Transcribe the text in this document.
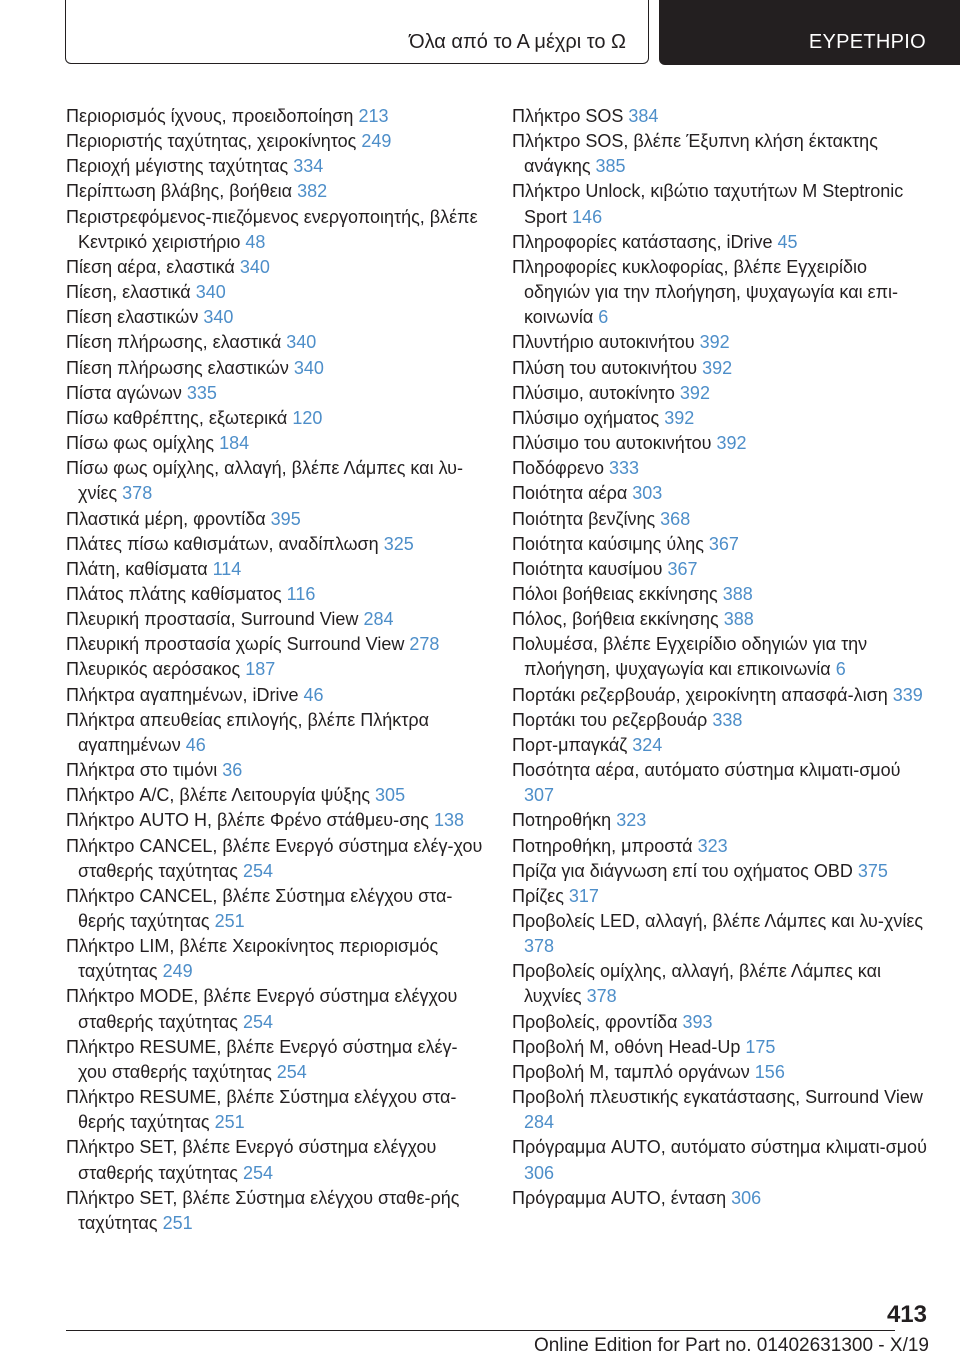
Όλα από το Α μέχρι το Ω	ΕΥΡΕΤΗΡΙΟ
Περιορισμός ίχνους, προειδοποίηση 213
Περιοριστής ταχύτητας, χειροκίνητος 249
Περιοχή μέγιστης ταχύτητας 334
Περίπτωση βλάβης, βοήθεια 382
Περιστρεφόμενος-πιεζόμενος ενεργοποιητής, βλέπε Κεντρικό χειριστήριο 48
Πίεση αέρα, ελαστικά 340
Πίεση, ελαστικά 340
Πίεση ελαστικών 340
Πίεση πλήρωσης, ελαστικά 340
Πίεση πλήρωσης ελαστικών 340
Πίστα αγώνων 335
Πίσω καθρέπτης, εξωτερικά 120
Πίσω φως ομίχλης 184
Πίσω φως ομίχλης, αλλαγή, βλέπε Λάμπες και λυ-χνίες 378
Πλαστικά μέρη, φροντίδα 395
Πλάτες πίσω καθισμάτων, αναδίπλωση 325
Πλάτη, καθίσματα 114
Πλάτος πλάτης καθίσματος 116
Πλευρική προστασία, Surround View 284
Πλευρική προστασία χωρίς Surround View 278
Πλευρικός αερόσακος 187
Πλήκτρα αγαπημένων, iDrive 46
Πλήκτρα απευθείας επιλογής, βλέπε Πλήκτρα αγαπημένων 46
Πλήκτρα στο τιμόνι 36
Πλήκτρο A/C, βλέπε Λειτουργία ψύξης 305
Πλήκτρο AUTO H, βλέπε Φρένο στάθμευ-σης 138
Πλήκτρο CANCEL, βλέπε Ενεργό σύστημα ελέγ-χου σταθερής ταχύτητας 254
Πλήκτρο CANCEL, βλέπε Σύστημα ελέγχου στα-θερής ταχύτητας 251
Πλήκτρο LIM, βλέπε Χειροκίνητος περιορισμός ταχύτητας 249
Πλήκτρο MODE, βλέπε Ενεργό σύστημα ελέγχου σταθερής ταχύτητας 254
Πλήκτρο RESUME, βλέπε Ενεργό σύστημα ελέγ-χου σταθερής ταχύτητας 254
Πλήκτρο RESUME, βλέπε Σύστημα ελέγχου στα-θερής ταχύτητας 251
Πλήκτρο SET, βλέπε Ενεργό σύστημα ελέγχου σταθερής ταχύτητας 254
Πλήκτρο SET, βλέπε Σύστημα ελέγχου σταθε-ρής ταχύτητας 251
Πλήκτρο SOS 384
Πλήκτρο SOS, βλέπε Έξυπνη κλήση έκτακτης ανάγκης 385
Πλήκτρο Unlock, κιβώτιο ταχυτήτων M Steptronic Sport 146
Πληροφορίες κατάστασης, iDrive 45
Πληροφορίες κυκλοφορίας, βλέπε Εγχειρίδιο οδηγιών για την πλοήγηση, ψυχαγωγία και επι-κοινωνία 6
Πλυντήριο αυτοκινήτου 392
Πλύση του αυτοκινήτου 392
Πλύσιμο, αυτοκίνητο 392
Πλύσιμο οχήματος 392
Πλύσιμο του αυτοκινήτου 392
Ποδόφρενο 333
Ποιότητα αέρα 303
Ποιότητα βενζίνης 368
Ποιότητα καύσιμης ύλης 367
Ποιότητα καυσίμου 367
Πόλοι βοήθειας εκκίνησης 388
Πόλος, βοήθεια εκκίνησης 388
Πολυμέσα, βλέπε Εγχειρίδιο οδηγιών για την πλοήγηση, ψυχαγωγία και επικοινωνία 6
Πορτάκι ρεζερβουάρ, χειροκίνητη απασφά-λιση 339
Πορτάκι του ρεζερβουάρ 338
Πορτ-μπαγκάζ 324
Ποσότητα αέρα, αυτόματο σύστημα κλιματι-σμού 307
Ποτηροθήκη 323
Ποτηροθήκη, μπροστά 323
Πρίζα για διάγνωση επί του οχήματος OBD 375
Πρίζες 317
Προβολείς LED, αλλαγή, βλέπε Λάμπες και λυ-χνίες 378
Προβολείς ομίχλης, αλλαγή, βλέπε Λάμπες και λυχνίες 378
Προβολείς, φροντίδα 393
Προβολή M, οθόνη Head-Up 175
Προβολή M, ταμπλό οργάνων 156
Προβολή πλευστικής εγκατάστασης, Surround View 284
Πρόγραμμα AUTO, αυτόματο σύστημα κλιματι-σμού 306
Πρόγραμμα AUTO, ένταση 306
413
Online Edition for Part no. 01402631300 - X/19
